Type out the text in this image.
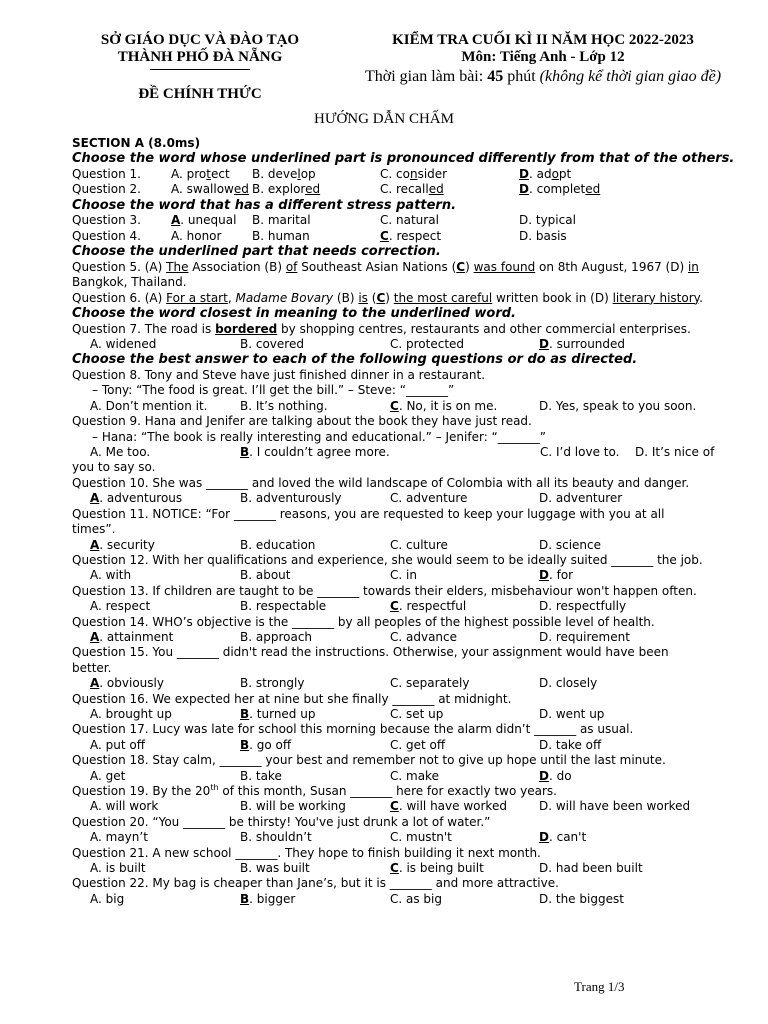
SỞ GIÁO DỤC VÀ ĐÀO TẠO
THÀNH PHỐ ĐÀ NẴNG
ĐỀ CHÍNH THỨC
KIỂM TRA CUỐI KÌ II NĂM HỌC 2022-2023
Môn: Tiếng Anh - Lớp 12
Thời gian làm bài: 45 phút (không kể thời gian giao đề)
HƯỚNG DẪN CHẤM
SECTION A (8.0ms)
Choose the word whose underlined part is pronounced differently from that of the others.
Question 1.	A. protect	B. develop	C. consider	D. adopt
Question 2.	A. swallowed B. explored	C. recalled	D. completed
Choose the word that has a different stress pattern.
Question 3.	A. unequal	B. marital	C. natural	D. typical
Question 4.	A. honor	B. human	C. respect	D. basis
Choose the underlined part that needs correction.
Question 5. (A) The Association (B) of Southeast Asian Nations (C) was found on 8th August, 1967 (D) in
Bangkok, Thailand.
Question 6. (A) For a start, Madame Bovary (B) is (C) the most careful written book in (D) literary history.
Choose the word closest in meaning to the underlined word.
Question 7. The road is bordered by shopping centres, restaurants and other commercial enterprises.
A. widened	B. covered	C. protected	D. surrounded
Choose the best answer to each of the following questions or do as directed.
Question 8. Tony and Steve have just finished dinner in a restaurant.
– Tony: “The food is great. I’ll get the bill.” – Steve: “_______”
A. Don’t mention it.	B. It’s nothing.	C. No, it is on me.	D. Yes, speak to you soon.
Question 9. Hana and Jenifer are talking about the book they have just read.
– Hana: “The book is really interesting and educational.” – Jenifer: “_______”
A. Me too.	B. I couldn’t agree more.	C. I’d love to.	D. It’s nice of
you to say so.
Question 10. She was _______ and loved the wild landscape of Colombia with all its beauty and danger.
A. adventurous	B. adventurously	C. adventure	D. adventurer
Question 11. NOTICE: “For _______ reasons, you are requested to keep your luggage with you at all
times”.
A. security	B. education	C. culture	D. science
Question 12. With her qualifications and experience, she would seem to be ideally suited _______ the job.
A. with	B. about	C. in	D. for
Question 13. If children are taught to be _______ towards their elders, misbehaviour won't happen often.
A. respect	B. respectable	C. respectful	D. respectfully
Question 14. WHO’s objective is the _______ by all peoples of the highest possible level of health.
A. attainment	B. approach	C. advance	D. requirement
Question 15. You _______ didn't read the instructions. Otherwise, your assignment would have been
better.
A. obviously	B. strongly	C. separately	D. closely
Question 16. We expected her at nine but she finally _______ at midnight.
A. brought up	B. turned up	C. set up	D. went up
Question 17. Lucy was late for school this morning because the alarm didn’t _______ as usual.
A. put off	B. go off	C. get off	D. take off
Question 18. Stay calm, _______ your best and remember not to give up hope until the last minute.
A. get	B. take	C. make	D. do
Question 19. By the 20th of this month, Susan _______ here for exactly two years.
A. will work	B. will be working	C. will have worked	D. will have been worked
Question 20. “You _______ be thirsty! You've just drunk a lot of water.”
A. mayn’t	B. shouldn’t	C. mustn't	D. can't
Question 21. A new school _______. They hope to finish building it next month.
A. is built	B. was built	C. is being built	D. had been built
Question 22. My bag is cheaper than Jane’s, but it is _______ and more attractive.
A. big	B. bigger	C. as big	D. the biggest
Trang 1/3
